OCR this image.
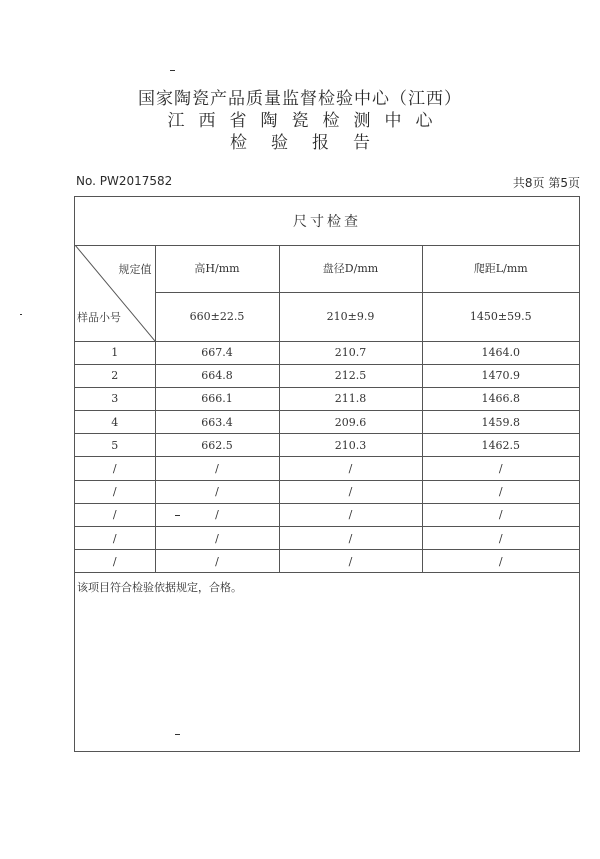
国家陶瓷产品质量监督检验中心（江西）
江西省陶瓷检测中心
检验报告
No. PW2017582	共8页 第5页
尺寸检查
规定值
样品小号	高H/mm	盘径D/mm	爬距L/mm
	660±22.5	210±9.9	1450±59.5
1	667.4	210.7	1464.0
2	664.8	212.5	1470.9
3	666.1	211.8	1466.8
4	663.4	209.6	1459.8
5	662.5	210.3	1462.5
/	/	/	/
/	/	/	/
/	/	/	/
/	/	/	/
/	/	/	/
该项目符合检验依据规定，合格。
